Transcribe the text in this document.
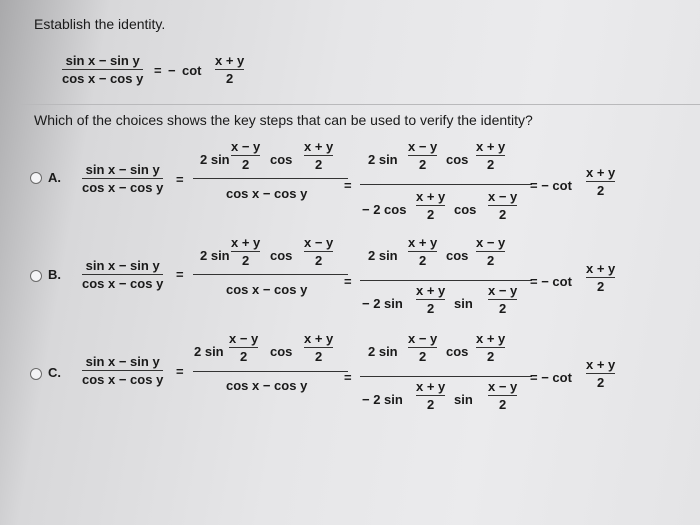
Establish the identity.
sin x − sin y
cos x − cos y
= − cot
x + y
2
Which of the choices shows the key steps that can be used to verify the identity?
A.
sin x − sin y
cos x − cos y
=
2 sin
x − y
2 cos
x + y
2
cos x − cos y
=
2 sin
x − y
2 cos
x + y
2
− 2 cos
x + y
2 cos
x − y
2
= − cot
x + y
2
B.
sin x − sin y
cos x − cos y
=
2 sin
x + y
2 cos
x − y
2
cos x − cos y
=
2 sin
x + y
2 cos
x − y
2
− 2 sin
x + y
2 sin
x − y
2
= − cot
x + y
2
C.
sin x − sin y
cos x − cos y
=
2 sin
x − y
2 cos
x + y
2
cos x − cos y
=
2 sin
x − y
2 cos
x + y
2
− 2 sin
x + y
2 sin
x − y
2
= − cot
x + y
2
